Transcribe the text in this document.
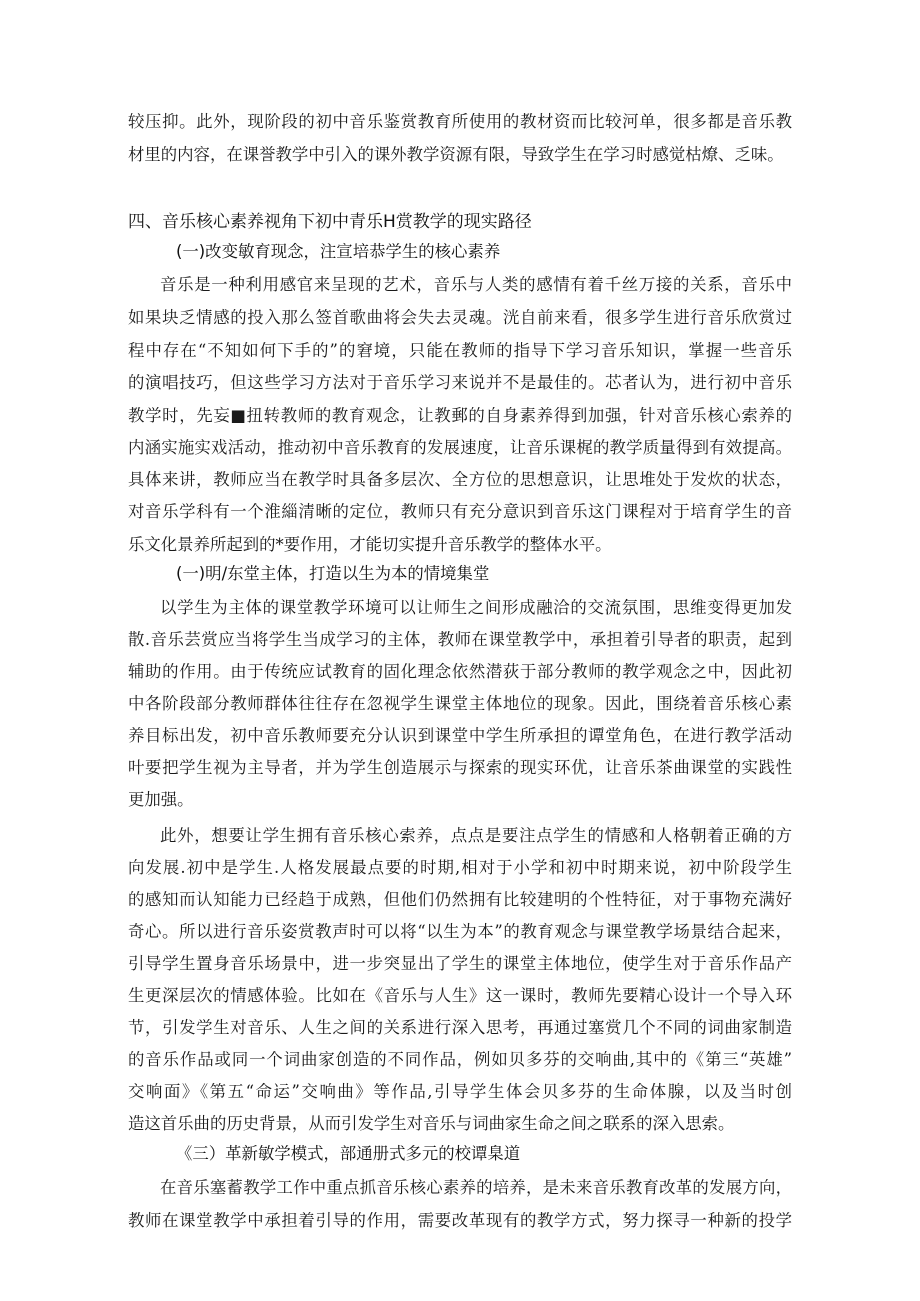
较压抑。此外，现阶段的初中音乐鉴赏教育所使用的教材资而比较河单，很多都是音乐教
材里的内容，在课誉教学中引入的课外教学资源有限，导致学生在学习时感觉枯燎、乏味。
四、音乐核心素养视角下初中青乐H赏教学的现实路径
(一)改变敏育现念，注宣培恭学生的核心素养
音乐是一种利用感官来呈现的艺术，音乐与人类的感情有着千丝万接的关系，音乐中
如果块乏情感的投入那么签首歌曲将会失去灵魂。洸自前来看，很多学生进行音乐欣赏过
程中存在“不知如何下手的”的窘境，只能在教师的指导下学习音乐知识，掌握一些音乐
的演唱技巧，但这些学习方法对于音乐学习来说并不是最佳的。芯者认为，进行初中音乐
教学时，先妄■扭转教师的教育观念，让教郵的自身素养得到加强，针对音乐核心索养的
内涵实施实戏活动，推动初中音乐教育的发展速度，让音乐课梶的教学质量得到有效提高。
具体来讲，教师应当在教学时具备多层次、全方位的思想意识，让思堆处于发炊的状态，
对音乐学科有一个淮緇清晰的定位，教师只有充分意识到音乐这门课程对于培育学生的音
乐文化景养所起到的*要作用，才能切实提升音乐教学的整体水平。
(一)明/东堂主体，打造以生为本的情境集堂
以学生为主体的课堂教学环境可以让师生之间形成融洽的交流氛围，思维变得更加发
散.音乐芸赏应当将学生当成学习的主体，教师在课堂教学中，承担着引导者的职责，起到
辅助的作用。由于传统应试教育的固化理念依然潜荻于部分教师的教学观念之中，因此初
中各阶段部分教师群体往往存在忽视学生课堂主体地位的现象。因此，围绕着音乐核心素
养目标出发，初中音乐教师要充分认识到课堂中学生所承担的谭堂角色，在进行教学活动
叶要把学生视为主导者，并为学生创造展示与探索的现实环优，让音乐茶曲课堂的实践性
更加强。
此外，想要让学生拥有音乐核心索养，点点是要注点学生的情感和人格朝着正确的方
向发展.初中是学生.人格发展最点要的时期,相对于小学和初中时期来说，初中阶段学生
的感知而认知能力已经趋于成熟，但他们仍然拥有比较建明的个性特征，对于事物充满好
奇心。所以进行音乐姿赏教声时可以将“以生为本”的教育观念与课堂教学场景结合起来，
引导学生置身音乐场景中，进一步突显出了学生的课堂主体地位，使学生对于音乐作品产
生更深层次的情感体验。比如在《音乐与人生》这一课时，教师先要精心设计一个导入环
节，引发学生对音乐、人生之间的关系进行深入思考，再通过塞赏几个不同的词曲家制造
的音乐作品或同一个词曲家创造的不同作品，例如贝多芬的交响曲,其中的《第三“英雄”
交响面》《第五“命运”交响曲》等作品,引导学生体会贝多芬的生命体腺，以及当时创
造这首乐曲的历史背景，从而引发学生对音乐与词曲家生命之间之联系的深入思索。
《三）革新敏学模式，部通册式多元的校谭臬道
在音乐塞蓄教学工作中重点抓音乐核心素养的培养，是未来音乐教育改革的发展方向，
教师在课堂教学中承担着引导的作用，需要改革现有的教学方式，努力探寻一种新的投学
